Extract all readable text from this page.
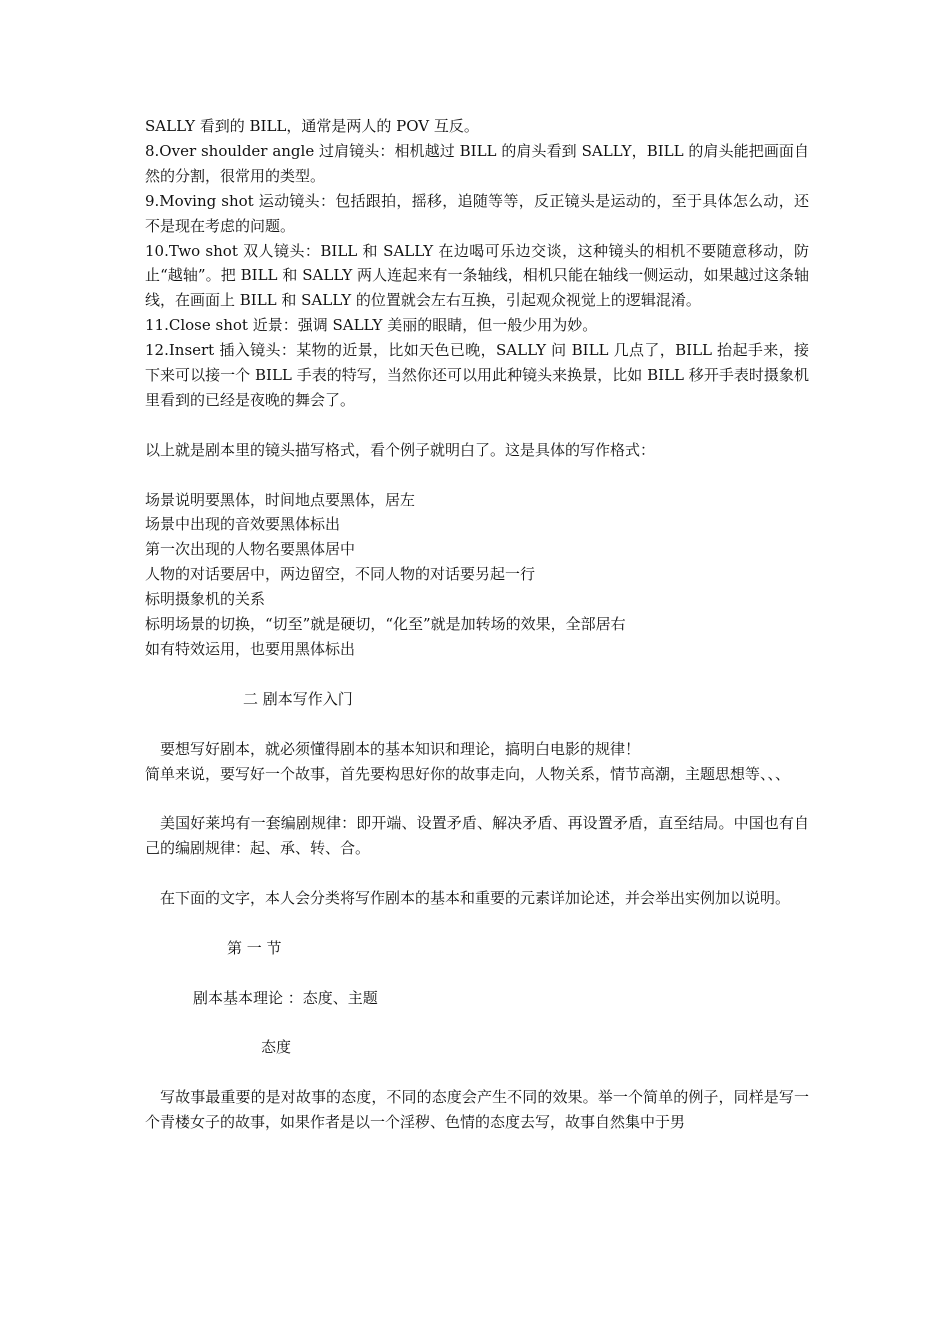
SALLY 看到的 BILL，通常是两人的 POV 互反。

8.Over shoulder angle 过肩镜头：相机越过 BILL 的肩头看到 SALLY，BILL 的肩头能把画面自然的分割，很常用的类型。

9.Moving shot 运动镜头：包括跟拍，摇移，追随等等，反正镜头是运动的，至于具体怎么动，还不是现在考虑的问题。

10.Two shot 双人镜头：BILL 和 SALLY 在边喝可乐边交谈，这种镜头的相机不要随意移动，防止“越轴”。把 BILL 和 SALLY 两人连起来有一条轴线，相机只能在轴线一侧运动，如果越过这条轴线，在画面上 BILL 和 SALLY 的位置就会左右互换，引起观众视觉上的逻辑混淆。

11.Close shot 近景：强调 SALLY 美丽的眼睛，但一般少用为妙。

12.Insert 插入镜头：某物的近景，比如天色已晚，SALLY 问 BILL 几点了，BILL 抬起手来，接下来可以接一个 BILL 手表的特写，当然你还可以用此种镜头来换景，比如 BILL 移开手表时摄象机里看到的已经是夜晚的舞会了。

以上就是剧本里的镜头描写格式，看个例子就明白了。这是具体的写作格式：

场景说明要黑体，时间地点要黑体，居左

场景中出现的音效要黑体标出

第一次出现的人物名要黑体居中

人物的对话要居中，两边留空，不同人物的对话要另起一行

标明摄象机的关系

标明场景的切换，“切至”就是硬切，“化至”就是加转场的效果，全部居右

如有特效运用，也要用黑体标出

二 剧本写作入门

要想写好剧本，就必须懂得剧本的基本知识和理论，搞明白电影的规律！

简单来说，要写好一个故事，首先要构思好你的故事走向，人物关系，情节高潮，主题思想等、、、

美国好莱坞有一套编剧规律：即开端、设置矛盾、解决矛盾、再设置矛盾，直至结局。中国也有自己的编剧规律：起、承、转、合。

在下面的文字，本人会分类将写作剧本的基本和重要的元素详加论述，并会举出实例加以说明。

第 一 节

剧本基本理论 ：态度、主题

态度

写故事最重要的是对故事的态度，不同的态度会产生不同的效果。举一个简单的例子，同样是写一个青楼女子的故事，如果作者是以一个淫秽、色情的态度去写，故事自然集中于男
